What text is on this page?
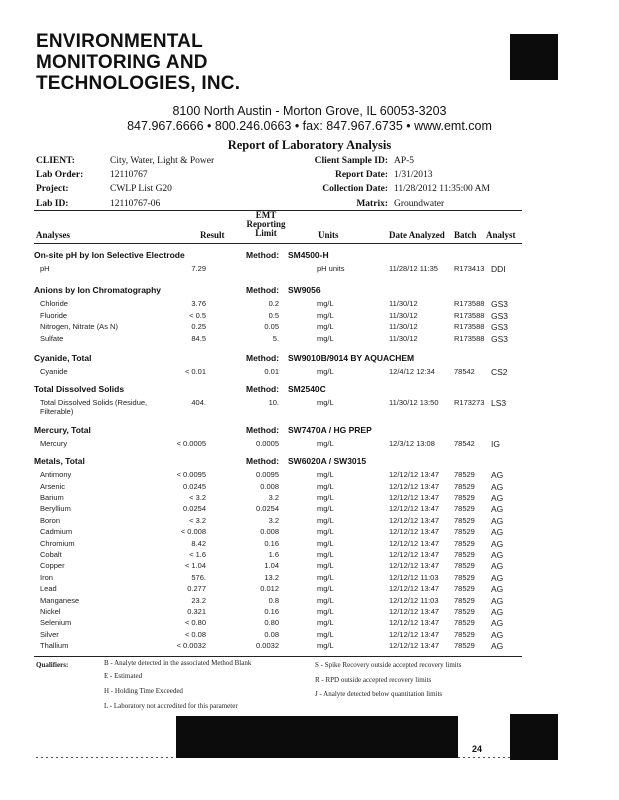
ENVIRONMENTAL
MONITORING AND
TECHNOLOGIES, INC.
8100 North Austin - Morton Grove, IL 60053-3203
847.967.6666 • 800.246.0663 • fax: 847.967.6735 • www.emt.com
Report of Laboratory Analysis
CLIENT:	City, Water, Light & Power
Lab Order:	12110767
Project:	CWLP List G20
Lab ID:	12110767-06
Client Sample ID: AP-5
Report Date: 1/31/2013
Collection Date: 11/28/2012 11:35:00 AM
Matrix: Groundwater
Analyses	Result
EMT
Reporting
Limit	Units	Date Analyzed Batch Analyst
On-site pH by Ion Selective Electrode	Method: SM4500-H
pH	7.29	pH units	11/28/12 11:35 R173413 DDI
Anions by Ion Chromatography	Method: SW9056
Chloride	3.76	0.2	mg/L	11/30/12	R173588 GS3
Fluoride	< 0.5	0.5	mg/L	11/30/12	R173588 GS3
Nitrogen, Nitrate (As N)	0.25	0.05	mg/L	11/30/12	R173588 GS3
Sulfate	84.5	5.	mg/L	11/30/12	R173588 GS3
Cyanide, Total	Method: SW9010B/9014 BY AQUACHEM
Cyanide	< 0.01	0.01	mg/L	12/4/12 12:34	78542 CS2
Total Dissolved Solids	Method: SM2540C
Total Dissolved Solids (Residue, Filterable)
404.	10.	mg/L	11/30/12 13:50 R173273 LS3
Mercury, Total	Method: SW7470A / HG PREP
Mercury	< 0.0005	0.0005	mg/L	12/3/12 13:08	78542 IG
Metals, Total	Method: SW6020A / SW3015
Antimony	< 0.0095	0.0095	mg/L	12/12/12 13:47 78529 AG
Arsenic	0.0245	0.008	mg/L	12/12/12 13:47 78529 AG
Barium	< 3.2	3.2	mg/L	12/12/12 13:47 78529 AG
Beryllium	0.0254	0.0254	mg/L	12/12/12 13:47 78529 AG
Boron	< 3.2	3.2	mg/L	12/12/12 13:47 78529 AG
Cadmium	< 0.008	0.008	mg/L	12/12/12 13:47 78529 AG
Chromium	8.42	0.16	mg/L	12/12/12 13:47 78529 AG
Cobalt	< 1.6	1.6	mg/L	12/12/12 13:47 78529 AG
Copper	< 1.04	1.04	mg/L	12/12/12 13:47 78529 AG
Iron	576.	13.2	mg/L	12/12/12 11:03 78529 AG
Lead	0.277	0.012	mg/L	12/12/12 13:47 78529 AG
Manganese	23.2	0.8	mg/L	12/12/12 11:03 78529 AG
Nickel	0.321	0.16	mg/L	12/12/12 13:47 78529 AG
Selenium	< 0.80	0.80	mg/L	12/12/12 13:47 78529 AG
Silver	< 0.08	0.08	mg/L	12/12/12 13:47 78529 AG
Thallium	< 0.0032	0.0032	mg/L	12/12/12 13:47 78529 AG
Qualifiers:	B - Analyte detected in the associated Method Blank
E - Estimated
H - Holding Time Exceeded
L - Laboratory not accredited for this parameter
S - Spike Recovery outside accepted recovery limits
R - RPD outside accepted recovery limits
J - Analyte detected below quantitation limits
24
